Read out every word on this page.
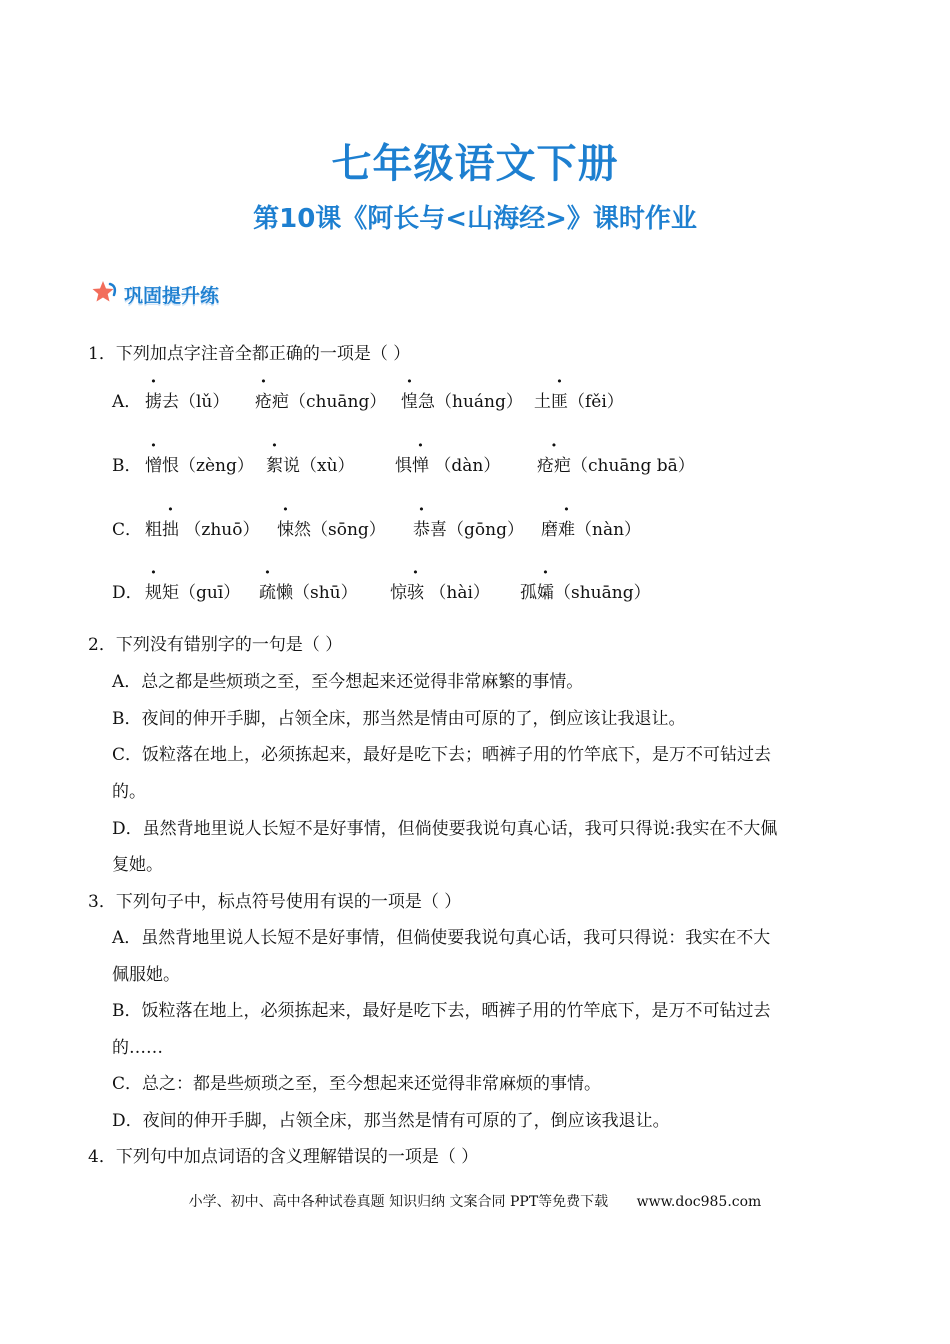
七年级语文下册
第10课《阿长与<山海经>》课时作业
巩固提升练
1．下列加点字注音全都正确的一项是（ ）
A． 掳去（lǔ） 疮疤（chuāng） 惶急（huáng） 土匪（fěi）
B． 憎恨（zèng） 絮说（xù） 惧惮 （dàn） 疮疤（chuāng bā）
C． 粗拙 （zhuō） 悚然（sōng） 恭喜（gōng） 磨难（nàn）
D． 规矩（guī） 疏懒（shū） 惊骇 （hài） 孤孀（shuāng）
2．下列没有错别字的一句是（ ）
A．总之都是些烦琐之至，至今想起来还觉得非常麻繁的事情。
B．夜间的伸开手脚，占领全床，那当然是情由可原的了，倒应该让我退让。
C．饭粒落在地上，必须拣起来，最好是吃下去；晒裤子用的竹竿底下，是万不可钻过去
的。
D．虽然背地里说人长短不是好事情，但倘使要我说句真心话，我可只得说:我实在不大佩
复她。
3．下列句子中，标点符号使用有误的一项是（ ）
A．虽然背地里说人长短不是好事情，但倘使要我说句真心话，我可只得说：我实在不大
佩服她。
B．饭粒落在地上，必须拣起来，最好是吃下去，晒裤子用的竹竿底下，是万不可钻过去
的……
C．总之：都是些烦琐之至，至今想起来还觉得非常麻烦的事情。
D．夜间的伸开手脚，占领全床，那当然是情有可原的了，倒应该我退让。
4．下列句中加点词语的含义理解错误的一项是（ ）
小学、初中、高中各种试卷真题 知识归纳 文案合同 PPT等免费下载 www.doc985.com
